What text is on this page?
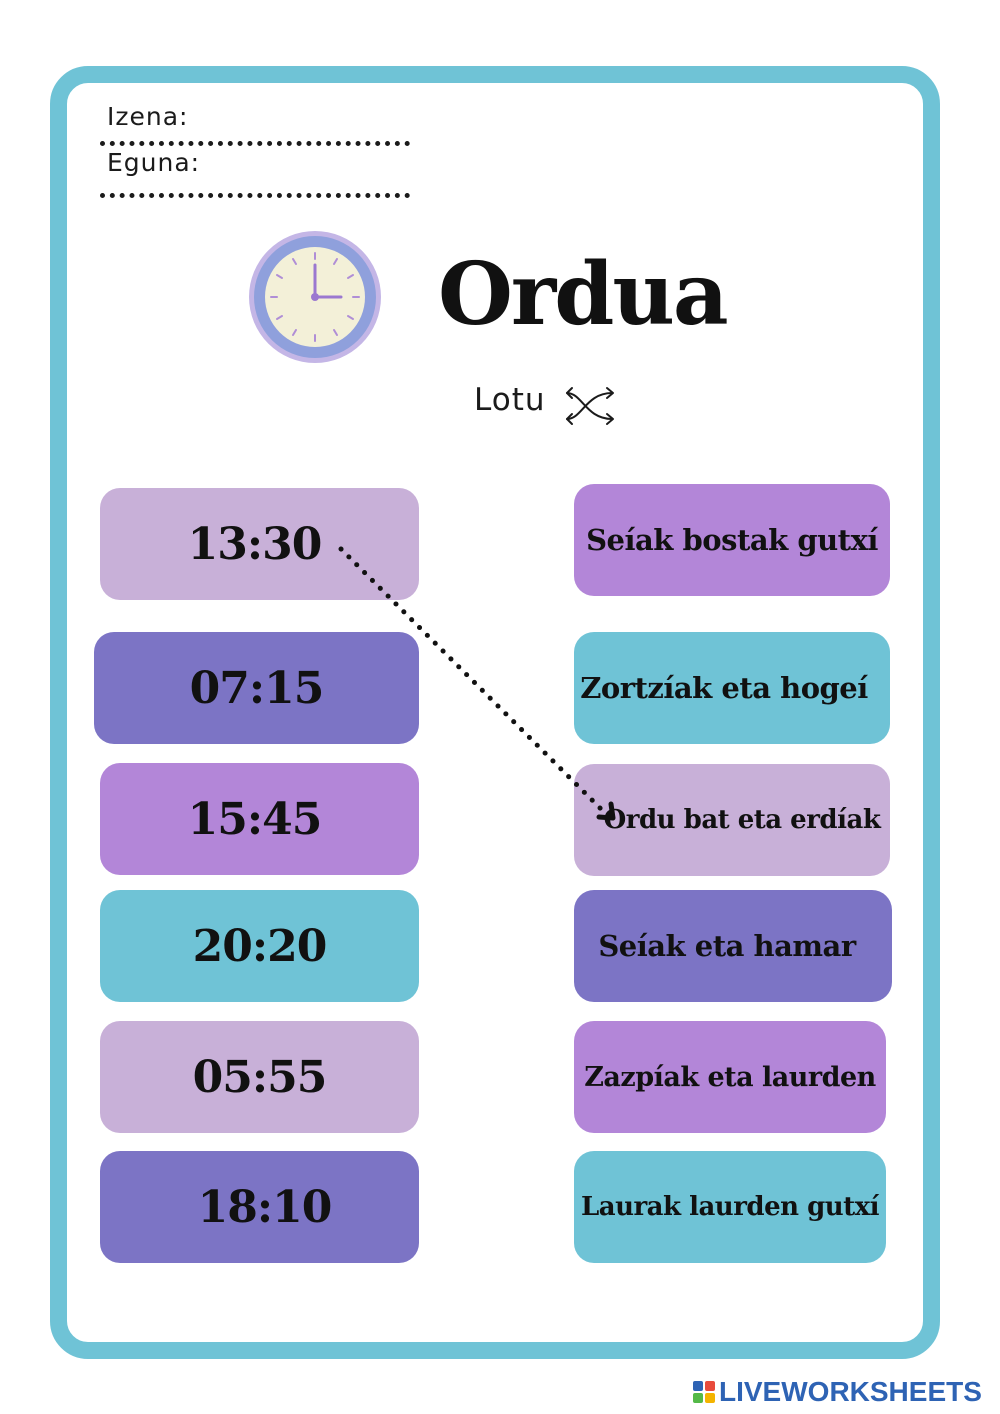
Izena:
Eguna:
Ordua
Lotu
13:30
07:15
15:45
20:20
05:55
18:10
Seíak bostak gutxí
Zortzíak eta hogeí
Ordu bat eta erdíak
Seíak eta hamar
Zazpíak eta laurden
Laurak laurden gutxí
LIVEWORKSHEETS
